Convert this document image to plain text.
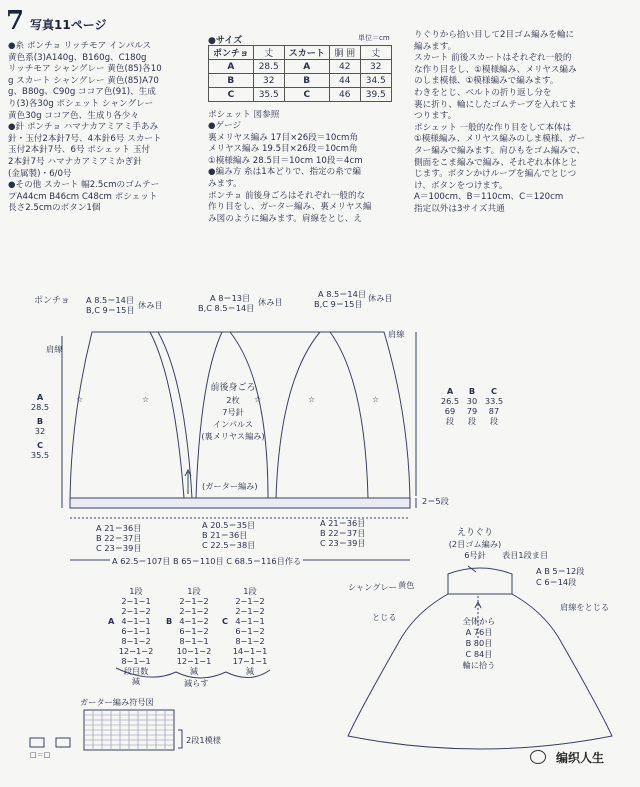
7 写真11ページ
●糸 ポンチョ リッチモア インパルス
黄色系(3)A140g、B160g、C180g
リッチモア シャングレー 黄色(85)各10
g スカート シャングレー 黄色(85)A70
g、B80g、C90g ココア色(91)、生成
り(3)各30g ポシェット シャングレー
黄色30g ココア色、生成り各少々
●針 ポンチョ ハマナカアミアミ手あみ
針・玉付2本針7号、4本針6号 スカート
玉付2本針7号、6号 ポシェット 玉付
2本針7号 ハマナカアミアミかぎ針
(金属製)・6/0号
●その他 スカート 幅2.5cmのゴムテー
プA44cm B46cm C48cm ポシェット
長さ2.5cmのボタン1個
●サイズ	単位＝cm
ポンチョ	丈	スカート	胴 囲	丈
A	28.5	A	42	32
B	32	B	44	34.5
C	35.5	C	46	39.5
ポシェット 図参照
●ゲージ
裏メリヤス編み 17目×26段＝10cm角
メリヤス編み 19.5目×26段＝10cm角
①模様編み 28.5目＝10cm 10段＝4cm
●編み方 糸は1本どりで、指定の糸で編
みます。
ポンチョ 前後身ごろはそれぞれ一般的な
作り目をし、ガーター編み、裏メリヤス編
み図のように編みます。肩線をとじ、え
りぐりから拾い目して2目ゴム編みを輪に
編みます。
スカート 前後スカートはそれぞれ一般的
な作り目をし、①模様編み、メリヤス編み
のしま模様、①模様編みで編みます。
わきをとじ、ベルトの折り返し分を
裏に折り、輪にしたゴムテープを入れてま
つります。
ポシェット 一般的な作り目をして本体は
①模様編み、メリヤス編みのしま模様、ガー
ター編みで編みます。肩ひもをゴム編みで、
側面をこま編みで編み、それぞれ本体とと
じます。ボタンかけループを編んでとじつ
け、ボタンをつけます。
A＝100cm、B＝110cm、C＝120cm
指定以外は3サイズ共通
☆	☆	☆	☆	☆
ポンチョ A 8.5＝14目
B,C 9＝15目 休み目
A 8＝13目
B,C 8.5＝14目
休み目
A 8.5＝14目
B,C 9＝15目
休み目
肩線
肩線
A
28.5
B
32
C
35.5
A
26.5
69
段
B
30
79
段
C
33.5
87
段
前後身ごろ
2枚
7号針
インパルス
(裏メリヤス編み)
(ガーター編み)
2＝5段
A 21＝36目
B 22＝37目
C 23＝39目
A 20.5＝35目
B 21＝36目
C 22.5＝38目
A 21＝36目
B 22＝37目
C 23＝39目
A 62.5＝107目 B 65＝110目 C 68.5＝116目作る
1段
2−1−1
2−1−2
4−1−1
6−1−1
8−1−2
12−1−2
8−1−1
段目数
減
A
1段
2−1−2
2−1−2
4−1−2
6−1−2
8−1−1
10−1−2
12−1−1
減
B
1段
2−1−2
2−1−2
4−1−1
6−1−2
8−1−2
14−1−1
17−1−1
減
C
減らす
えりぐり
(2目ゴム編み)
6号針	表目1段ま目
A B 5＝12段
C 6＝14段
シャングレー 黄色
とじる
肩線をとじる
全体から
A 76目
B 80目
C 84目
輪に拾う
ガーター編み符号図
2段1模様
□＝□	编织人生
